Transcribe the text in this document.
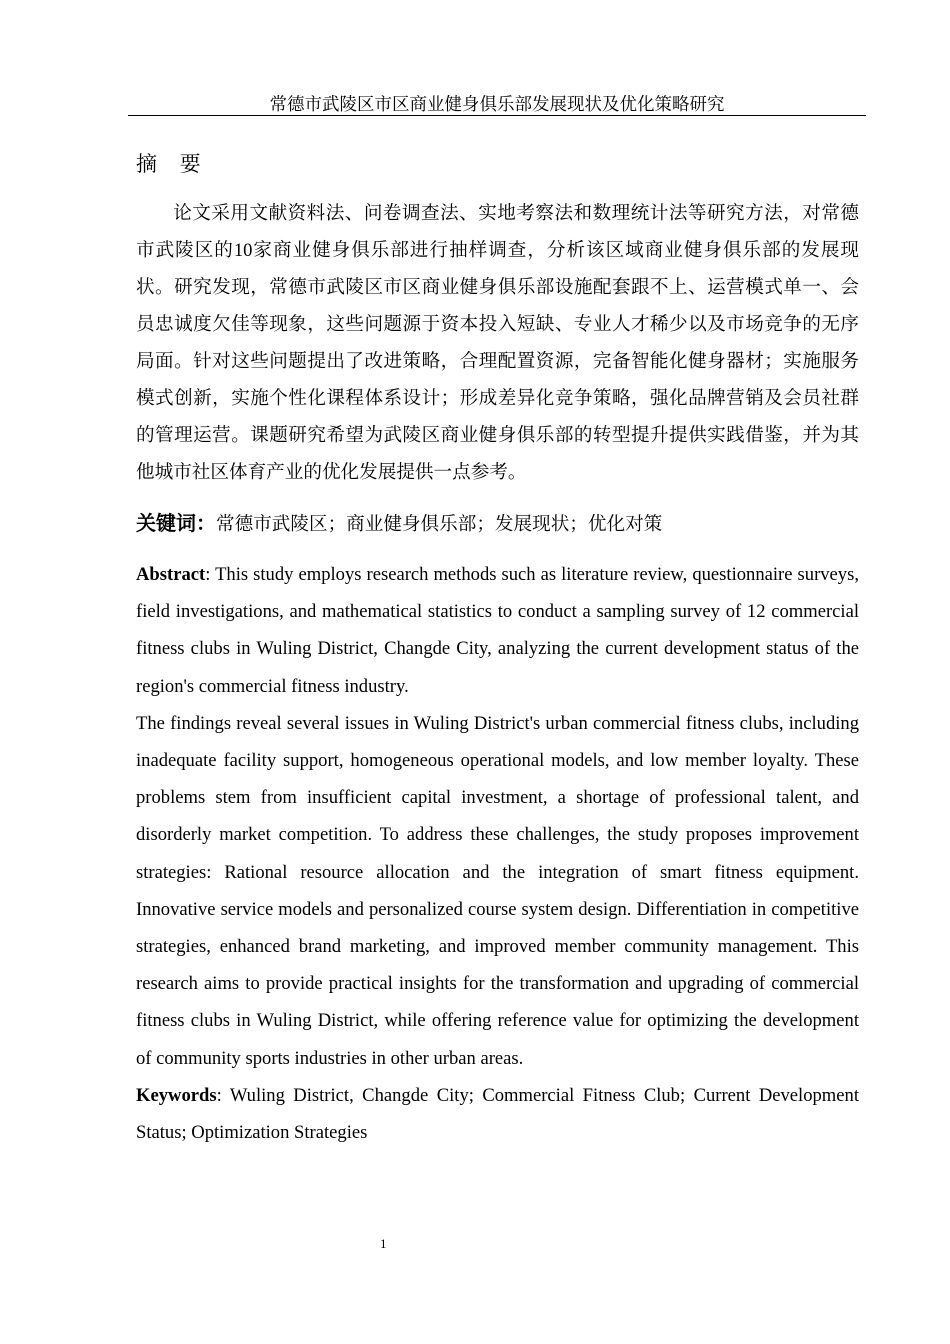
常德市武陵区市区商业健身俱乐部发展现状及优化策略研究
摘 要
论文采用文献资料法、问卷调查法、实地考察法和数理统计法等研究方法，对常德市武陵区的10家商业健身俱乐部进行抽样调查，分析该区域商业健身俱乐部的发展现状。研究发现，常德市武陵区市区商业健身俱乐部设施配套跟不上、运营模式单一、会员忠诚度欠佳等现象，这些问题源于资本投入短缺、专业人才稀少以及市场竞争的无序局面。针对这些问题提出了改进策略，合理配置资源，完备智能化健身器材；实施服务模式创新，实施个性化课程体系设计；形成差异化竞争策略，强化品牌营销及会员社群的管理运营。课题研究希望为武陵区商业健身俱乐部的转型提升提供实践借鉴，并为其他城市社区体育产业的优化发展提供一点参考。
关键词：常德市武陵区；商业健身俱乐部；发展现状；优化对策

Abstract: This study employs research methods such as literature review, questionnaire surveys, field investigations, and mathematical statistics to conduct a sampling survey of 12 commercial fitness clubs in Wuling District, Changde City, analyzing the current development status of the region's commercial fitness industry.

The findings reveal several issues in Wuling District's urban commercial fitness clubs, including inadequate facility support, homogeneous operational models, and low member loyalty. These problems stem from insufficient capital investment, a shortage of professional talent, and disorderly market competition. To address these challenges, the study proposes improvement strategies: Rational resource allocation and the integration of smart fitness equipment. Innovative service models and personalized course system design. Differentiation in competitive strategies, enhanced brand marketing, and improved member community management. This research aims to provide practical insights for the transformation and upgrading of commercial fitness clubs in Wuling District, while offering reference value for optimizing the development of community sports industries in other urban areas.

Keywords: Wuling District, Changde City; Commercial Fitness Club; Current Development Status; Optimization Strategies

1
